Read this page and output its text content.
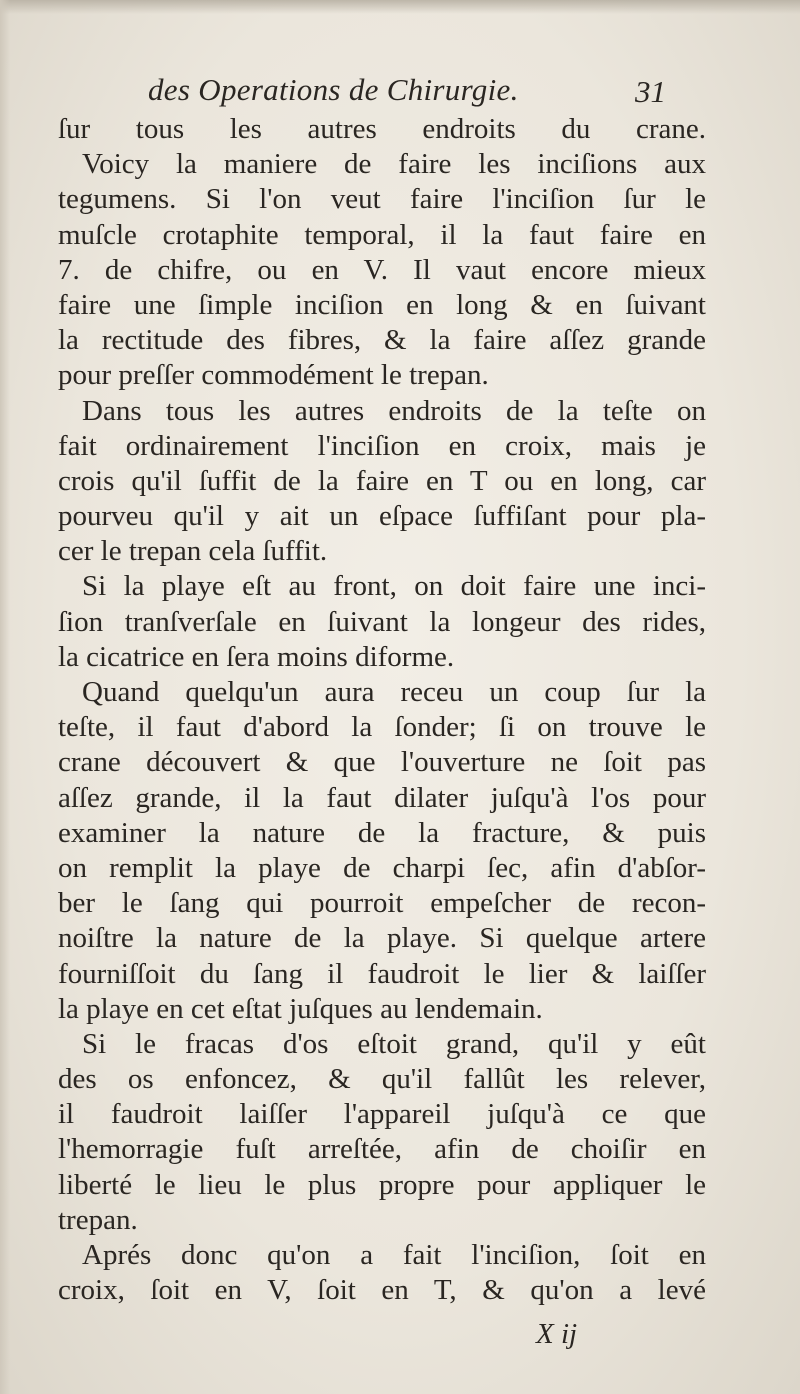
des Operations de Chirurgie.	31
ſur tous les autres endroits du crane.
Voicy la maniere de faire les inciſions aux
tegumens. Si l'on veut faire l'inciſion ſur le
muſcle crotaphite temporal, il la faut faire en
7. de chifre, ou en V. Il vaut encore mieux
faire une ſimple inciſion en long & en ſuivant
la rectitude des fibres, & la faire aſſez grande
pour preſſer commodément le trepan.
Dans tous les autres endroits de la teſte on
fait ordinairement l'inciſion en croix, mais je
crois qu'il ſuffit de la faire en T ou en long, car
pourveu qu'il y ait un eſpace ſuffiſant pour pla-
cer le trepan cela ſuffit.
Si la playe eſt au front, on doit faire une inci-
ſion tranſverſale en ſuivant la longeur des rides,
la cicatrice en ſera moins diforme.
Quand quelqu'un aura receu un coup ſur la
teſte, il faut d'abord la ſonder; ſi on trouve le
crane découvert & que l'ouverture ne ſoit pas
aſſez grande, il la faut dilater juſqu'à l'os pour
examiner la nature de la fracture, & puis
on remplit la playe de charpi ſec, afin d'abſor-
ber le ſang qui pourroit empeſcher de recon-
noiſtre la nature de la playe. Si quelque artere
fourniſſoit du ſang il faudroit le lier & laiſſer
la playe en cet eſtat juſques au lendemain.
Si le fracas d'os eſtoit grand, qu'il y eût
des os enfoncez, & qu'il fallût les relever,
il faudroit laiſſer l'appareil juſqu'à ce que
l'hemorragie fuſt arreſtée, afin de choiſir en
liberté le lieu le plus propre pour appliquer le
trepan.
Aprés donc qu'on a fait l'inciſion, ſoit en
croix, ſoit en V, ſoit en T, & qu'on a levé
X ij
